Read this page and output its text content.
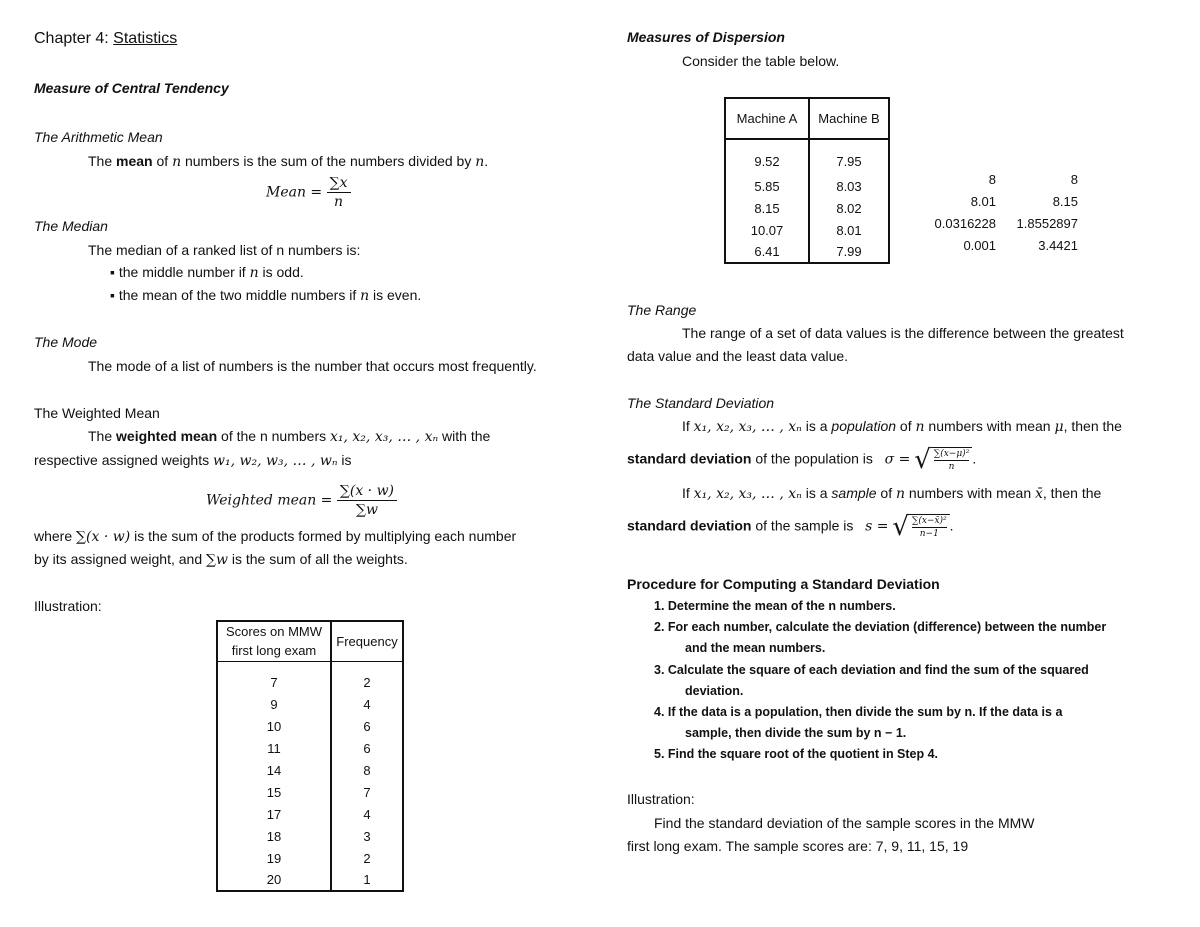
Chapter 4: Statistics
Measure of Central Tendency
The Arithmetic Mean
The mean of n numbers is the sum of the numbers divided by n.
Mean = $\frac{\sum x}{n}$
The Median
The median of a ranked list of n numbers is:
▪ the middle number if n is odd.
▪ the mean of the two middle numbers if n is even.
The Mode
The mode of a list of numbers is the number that occurs most frequently.
The Weighted Mean
The weighted mean of the n numbers x₁, x₂, x₃, … , xₙ with the
respective assigned weights w₁, w₂, w₃, … , wₙ is
Weighted mean = $\frac{\sum(x \cdot w)}{\sum w}$
where ∑(x · w) is the sum of the products formed by multiplying each number
by its assigned weight, and ∑w is the sum of all the weights.
Illustration:
Scores on MMW
first long exam	Frequency
7	2
9	4
10	6
11	6
14	8
15	7
17	4
18	3
19	2
20	1
Measures of Dispersion
Consider the table below.
Machine A	Machine B
9.52	7.95
5.85	8.03
8.15	8.02
10.07	8.01
6.41	7.99
8	8
8.01	8.15
0.0316228	1.8552897
0.001	3.4421
The Range
The range of a set of data values is the difference between the greatest
data value and the least data value.
The Standard Deviation
If x₁, x₂, x₃, … , xₙ is a population of n numbers with mean μ, then the
standard deviation of the population is σ = √ $\frac{\text{∑(x−μ)²}}{n}$ .
If x₁, x₂, x₃, … , xₙ is a sample of n numbers with mean x̄, then the
standard deviation of the sample is s = √ $\frac{\text{∑(x−x̄)²}}{n-1}$ .
Procedure for Computing a Standard Deviation
1. Determine the mean of the n numbers.
2. For each number, calculate the deviation (difference) between the number
and the mean numbers.
3. Calculate the square of each deviation and find the sum of the squared
deviation.
4. If the data is a population, then divide the sum by n. If the data is a
sample, then divide the sum by n − 1.
5. Find the square root of the quotient in Step 4.
Illustration:
Find the standard deviation of the sample scores in the MMW
first long exam. The sample scores are: 7, 9, 11, 15, 19
